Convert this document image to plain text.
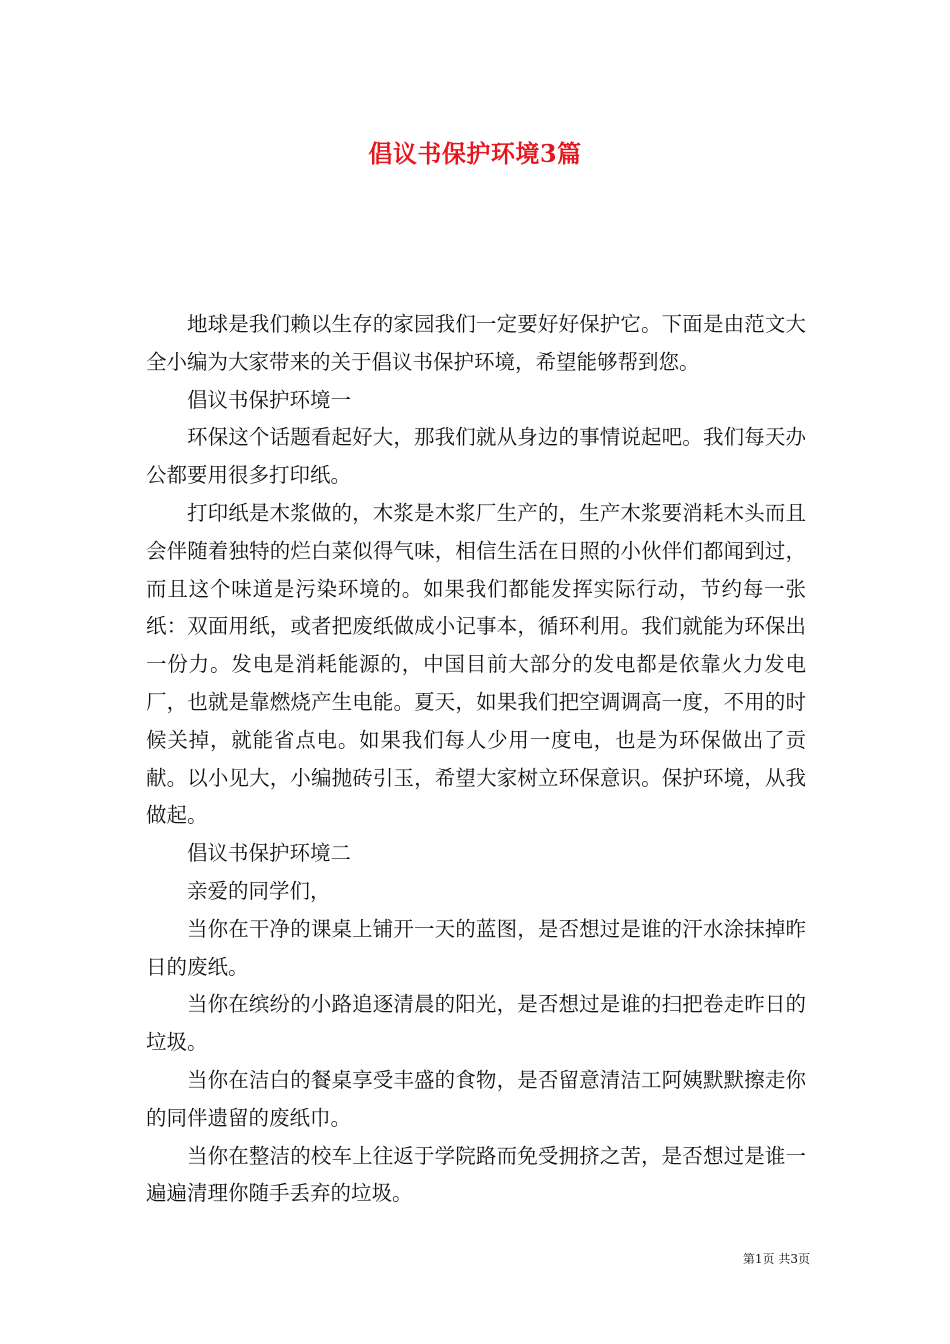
倡议书保护环境3篇

地球是我们赖以生存的家园我们一定要好好保护它。下面是由范文大全小编为大家带来的关于倡议书保护环境，希望能够帮到您。

倡议书保护环境一

环保这个话题看起好大，那我们就从身边的事情说起吧。我们每天办公都要用很多打印纸。

打印纸是木浆做的，木浆是木浆厂生产的，生产木浆要消耗木头而且会伴随着独特的烂白菜似得气味，相信生活在日照的小伙伴们都闻到过，而且这个味道是污染环境的。如果我们都能发挥实际行动，节约每一张纸：双面用纸，或者把废纸做成小记事本，循环利用。我们就能为环保出一份力。发电是消耗能源的，中国目前大部分的发电都是依靠火力发电厂，也就是靠燃烧产生电能。夏天，如果我们把空调调高一度，不用的时候关掉，就能省点电。如果我们每人少用一度电，也是为环保做出了贡献。以小见大，小编抛砖引玉，希望大家树立环保意识。保护环境，从我做起。

倡议书保护环境二

亲爱的同学们，

当你在干净的课桌上铺开一天的蓝图，是否想过是谁的汗水涂抹掉昨日的废纸。

当你在缤纷的小路追逐清晨的阳光，是否想过是谁的扫把卷走昨日的垃圾。

当你在洁白的餐桌享受丰盛的食物，是否留意清洁工阿姨默默擦走你的同伴遗留的废纸巾。

当你在整洁的校车上往返于学院路而免受拥挤之苦，是否想过是谁一遍遍清理你随手丢弃的垃圾。

第1页 共3页
